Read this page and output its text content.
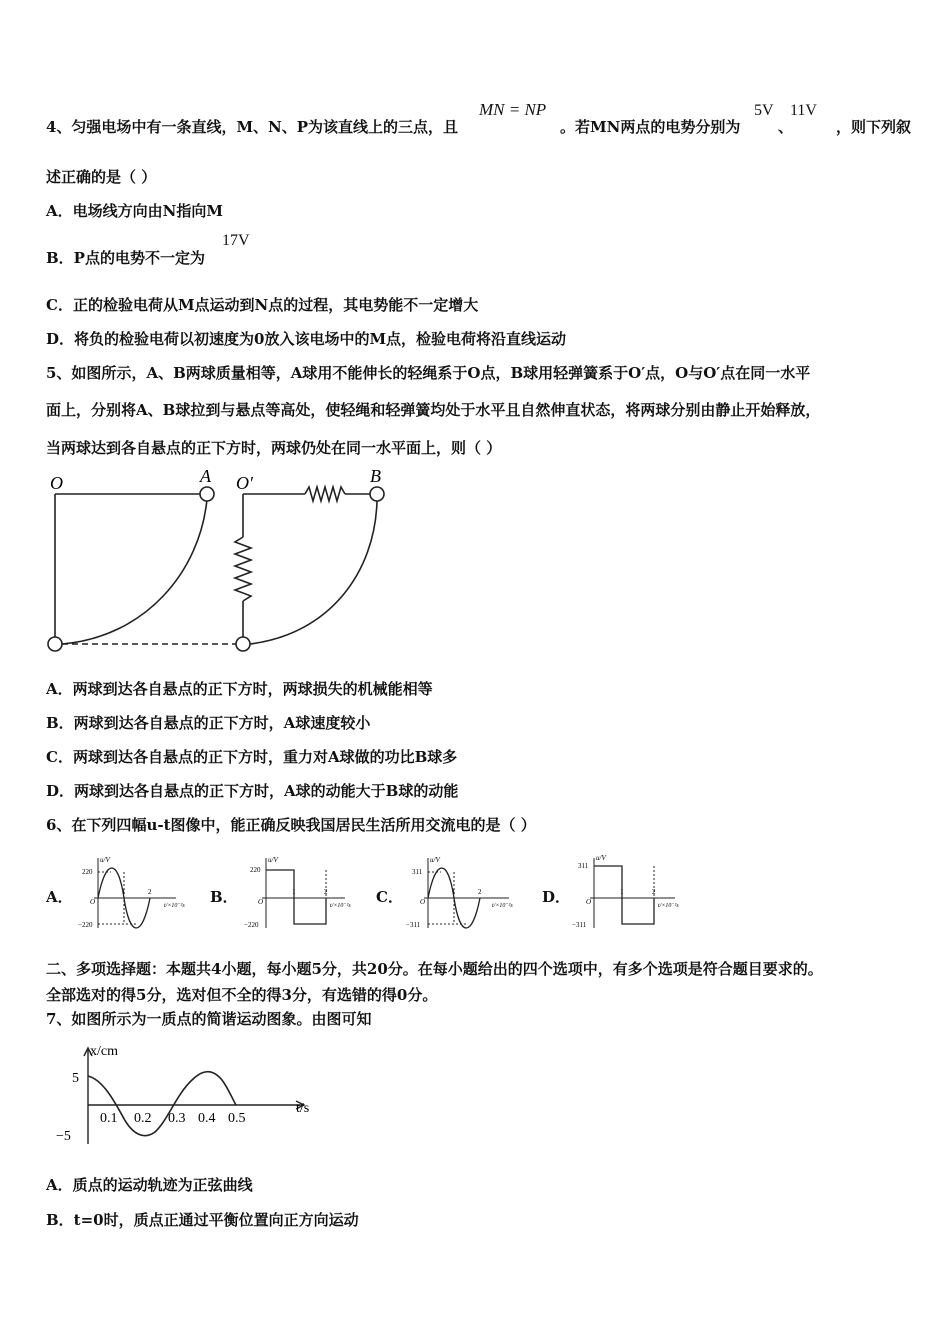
4、匀强电场中有一条直线，M、N、P为该直线上的三点，且
MN = NP
。若MN两点的电势分别为
5V
、
11V
，则下列叙
述正确的是（ ）
A．电场线方向由N指向M
B．P点的电势不一定为
17V
C．正的检验电荷从M点运动到N点的过程，其电势能不一定增大
D．将负的检验电荷以初速度为0放入该电场中的M点，检验电荷将沿直线运动
5、如图所示，A、B两球质量相等，A球用不能伸长的轻绳系于O点，B球用轻弹簧系于O′点，O与O′点在同一水平
面上，分别将A、B球拉到与悬点等高处，使轻绳和轻弹簧均处于水平且自然伸直状态，将两球分别由静止开始释放，
当两球达到各自悬点的正下方时，两球仍处在同一水平面上，则（ ）
O	A O′	B
A．两球到达各自悬点的正下方时，两球损失的机械能相等
B．两球到达各自悬点的正下方时，A球速度较小
C．两球到达各自悬点的正下方时，重力对A球做的功比B球多
D．两球到达各自悬点的正下方时，A球的动能大于B球的动能
6、在下列四幅u-t图像中，能正确反映我国居民生活所用交流电的是（ ）
A．
u/V
220
−220
O
1	2
t/×10⁻²s B．
u/V
220
−220
O
1	2
t/×10⁻²s C．
u/V
311
−311
O
1	2
t/×10⁻²s D．
u/V
311
−311
O
1	2
t/×10⁻²s
二、多项选择题：本题共4小题，每小题5分，共20分。在每小题给出的四个选项中，有多个选项是符合题目要求的。
全部选对的得5分，选对但不全的得3分，有选错的得0分。
7、如图所示为一质点的简谐运动图象。由图可知
x/cm
5
−5
0.1 0.2 0.3 0.4 0.5
t/s
A．质点的运动轨迹为正弦曲线
B．t=0时，质点正通过平衡位置向正方向运动
